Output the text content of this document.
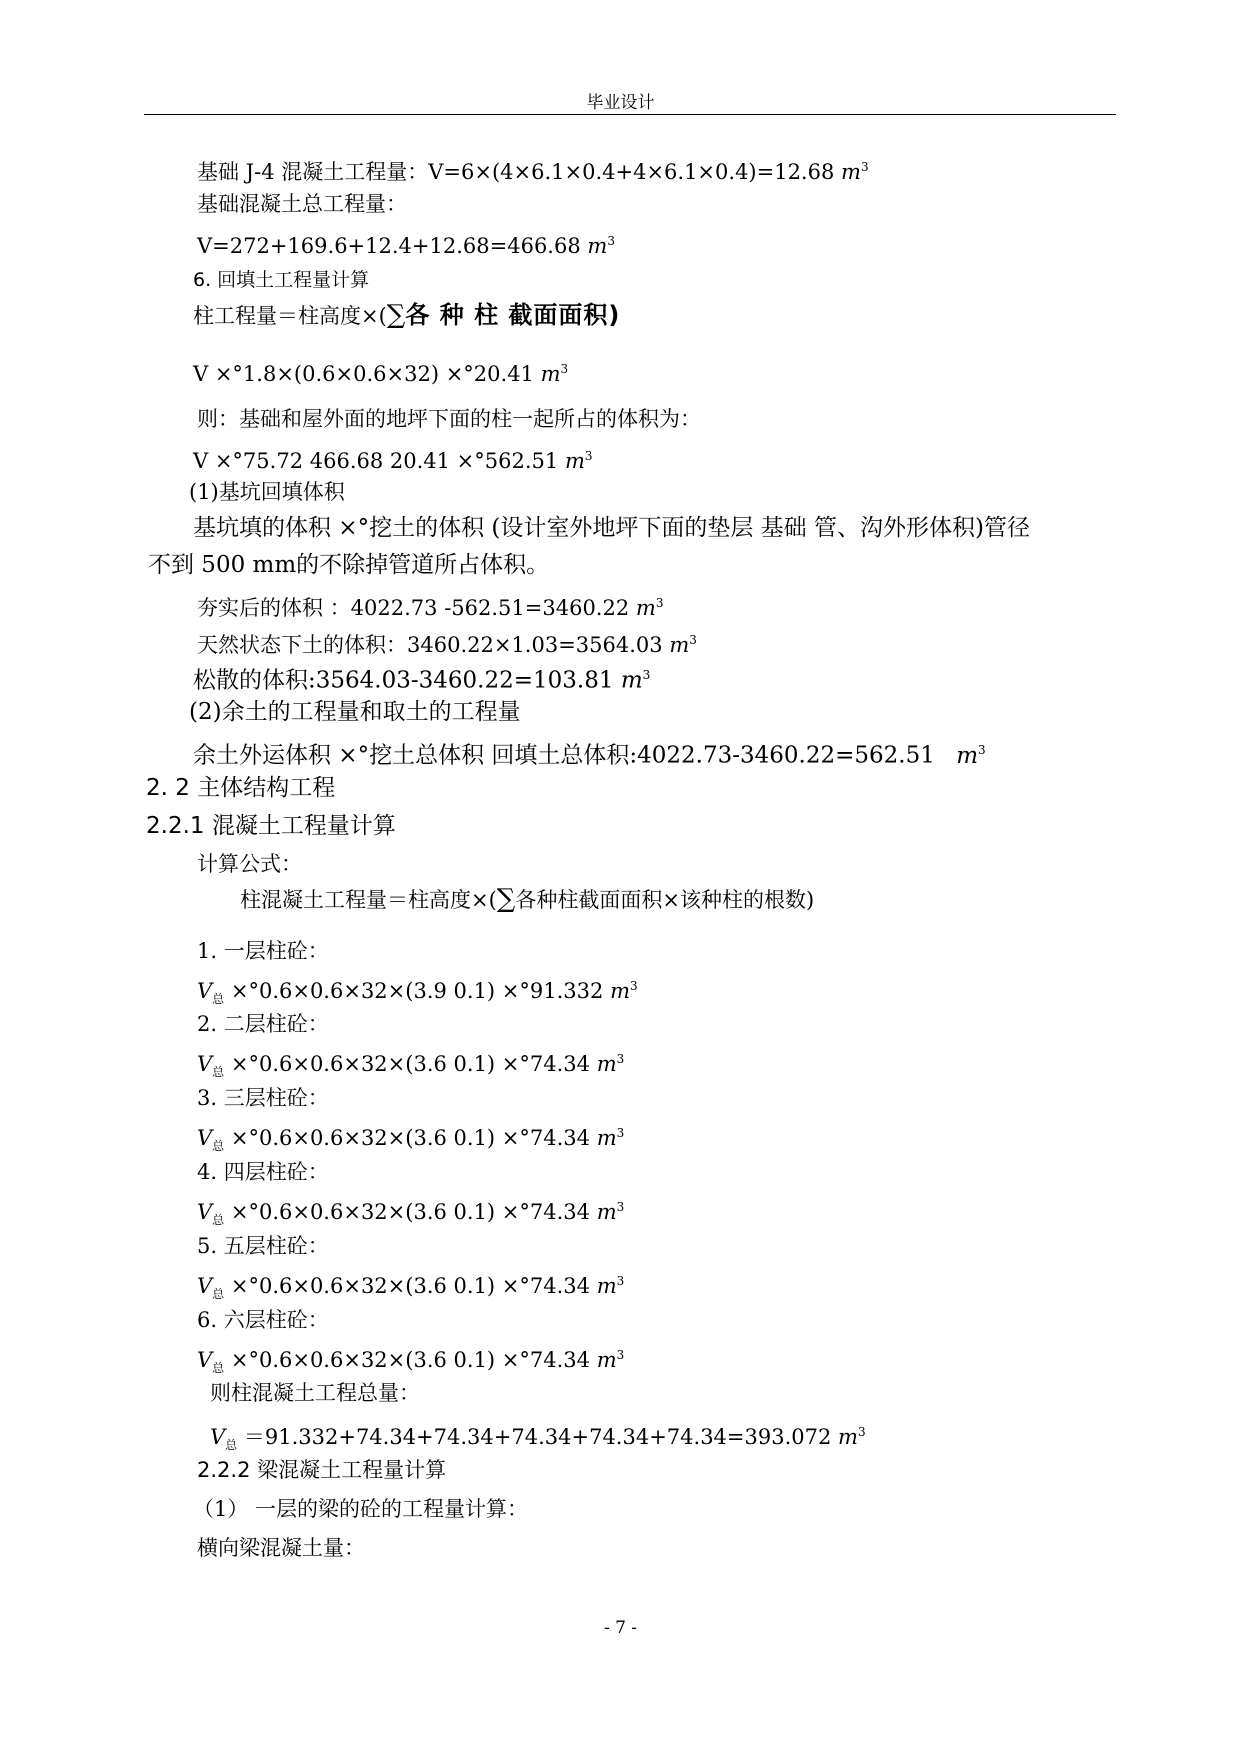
毕业设计
基础 J-4 混凝土工程量：V=6×(4×6.1×0.4+4×6.1×0.4)=12.68 $m^3$
基础混凝土总工程量：
V=272+169.6+12.4+12.68=466.68 $m^3$
6. 回填土工程量计算
柱工程量＝柱高度×(∑各 种 柱 截面面积)
V ×°1.8×(0.6×0.6×32) ×°20.41 $m^3$
则：基础和屋外面的地坪下面的柱一起所占的体积为：
V ×°75.72 466.68 20.41 ×°562.51 $m^3$
(1)基坑回填体积
基坑填的体积 ×°挖土的体积 (设计室外地坪下面的垫层 基础 管、沟外形体积)管径
不到 500 mm的不除掉管道所占体积。
夯实后的体积 ：4022.73 -562.51=3460.22 $m^3$
天然状态下土的体积：3460.22×1.03=3564.03 $m^3$
松散的体积:3564.03-3460.22=103.81 $m^3$
(2)余土的工程量和取土的工程量
余土外运体积 ×°挖土总体积 回填土总体积:4022.73-3460.22=562.51 $m^3$
2. 2 主体结构工程
2.2.1 混凝土工程量计算
计算公式：
柱混凝土工程量＝柱高度×(∑各种柱截面面积×该种柱的根数)
1. 一层柱砼：
$V_总 \times^\circ 0.6\times 0.6\times 32\times(3.9$ 0.1) ×°91.332 $m^3$
2. 二层柱砼：
$V_总 \times^\circ 0.6\times 0.6\times 32\times(3.6$ 0.1) ×°74.34 $m^3$
3. 三层柱砼：
$V_总 \times^\circ 0.6\times 0.6\times 32\times(3.6$ 0.1) ×°74.34 $m^3$
4. 四层柱砼：
$V_总 \times^\circ 0.6\times 0.6\times 32\times(3.6$ 0.1) ×°74.34 $m^3$
5. 五层柱砼：
$V_总 \times^\circ 0.6\times 0.6\times 32\times(3.6$ 0.1) ×°74.34 $m^3$
6. 六层柱砼：
$V_总 \times^\circ 0.6\times 0.6\times 32\times(3.6$ 0.1) ×°74.34 $m^3$
则柱混凝土工程总量：
$V_总 =91.332+74.34+74.34+74.34+74.34+74.34=393.072$ $m^3$
2.2.2 梁混凝土工程量计算
（1） 一层的梁的砼的工程量计算：
横向梁混凝土量：
- 7 -
